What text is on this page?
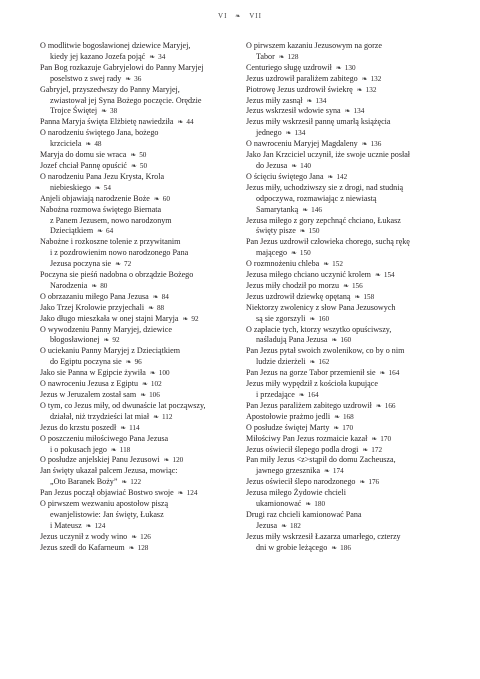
VI ❧ VII
O modlitwie bogosławionej dziewice Maryjej,
kiedy jej kazano Jozefa pojąć ❧ 34
Pan Bog rozkazuje Gabryjelowi do Panny Maryjej
poselstwo z swej rady ❧ 36
Gabryjel, przyszedwszy do Panny Maryjej,
zwiastował jej Syna Bożego poczęcie. Orędzie
Trojce Świętej ❧ 38
Panna Maryja święta Elżbietę nawiedziła ❧ 44
O narodzeniu świętego Jana, bożego
krzciciela ❧ 48
Maryja do domu sie wraca ❧ 50
Jozef chciał Pannę opuścić ❧ 50
O narodzeniu Pana Jezu Krysta, Krola
niebieskiego ❧ 54
Anjeli objawiają narodzenie Boże ❧ 60
Nabożna rozmowa świętego Biernata
z Panem Jezusem, nowo narodzonym
Dzieciątkiem ❧ 64
Nabożne i rozkoszne tolenie z przywitanim
i z pozdrowienim nowo narodzonego Pana
Jezusa poczyna sie ❧ 72
Poczyna sie pieśń nadobna o obrządzie Bożego
Narodzenia ❧ 80
O obrzazaniu miłego Pana Jezusa ❧ 84
Jako Trzej Krolowie przyjechali ❧ 88
Jako długo mieszkała w onej stajni Maryja ❧ 92
O wywodzeniu Panny Maryjej, dziewice
błogosławionej ❧ 92
O uciekaniu Panny Maryjej z Dzieciątkiem
do Egiptu poczyna sie ❧ 96
Jako sie Panna w Egipcie żywiła ❧ 100
O nawroceniu Jezusa z Egiptu ❧ 102
Jezus w Jeruzalem został sam ❧ 106
O tym, co Jezus miły, od dwunaście lat począwszy,
działał, niż trzydzieści lat miał ❧ 112
Jezus do krzstu poszedł ❧ 114
O poszczeniu miłościwego Pana Jezusa
i o pokusach jego ❧ 118
O posłudze anjelskiej Panu Jezusowi ❧ 120
Jan święty ukazał palcem Jezusa, mowiąc:
„Oto Baranek Boży” ❧ 122
Pan Jezus począł objawiać Bostwo swoje ❧ 124
O pirwszem wezwaniu apostołow piszą
ewanjelistowie: Jan święty, Łukasz
i Mateusz ❧ 124
Jezus uczynił z wody wino ❧ 126
Jezus szedł do Kafarneum ❧ 128
O pirwszem kazaniu Jezusowym na gorze
Tabor ❧ 128
Centuriego sługę uzdrowił ❧ 130
Jezus uzdrowił paraliżem zabitego ❧ 132
Piotrowę Jezus uzdrowił świekrę ❧ 132
Jezus miły zasnął ❧ 134
Jezus wskrzesił wdowie syna ❧ 134
Jezus miły wskrzesił pannę umarłą książęcia
jednego ❧ 134
O nawroceniu Maryjej Magdaleny ❧ 136
Jako Jan Krzciciel uczynił, iże swoje ucznie posłał
do Jezusa ❧ 140
O ścięciu świętego Jana ❧ 142
Jezus miły, uchodziwszy sie z drogi, nad studnią
odpoczywa, rozmawiając z niewiastą
Samarytanką ❧ 146
Jezusa miłego z gory zepchnąć chciano, Łukasz
święty pisze ❧ 150
Pan Jezus uzdrowił człowieka chorego, suchą rękę
mającego ❧ 150
O rozmnożeniu chleba ❧ 152
Jezusa miłego chciano uczynić krolem ❧ 154
Jezus miły chodził po morzu ❧ 156
Jezus uzdrowił dziewkę opętaną ❧ 158
Niektorzy zwolenicy z słow Pana Jezusowych
są sie zgorszyli ❧ 160
O zapłacie tych, ktorzy wszytko opuściwszy,
naśladują Pana Jezusa ❧ 160
Pan Jezus pytał swoich zwolenikow, co by o nim
ludzie dzierżeli ❧ 162
Pan Jezus na gorze Tabor przemienił sie ❧ 164
Jezus miły wypędził z kościoła kupujące
i przedające ❧ 164
Pan Jezus paraliżem zabitego uzdrowił ❧ 166
Apostołowie prażmo jedli ❧ 168
O posłudze świętej Marty ❧ 170
Miłościwy Pan Jezus rozmaicie kazał ❧ 170
Jezus oświecił ślepego podla drogi ❧ 172
Pan miły Jezus <z>stąpił do domu Zacheusza,
jawnego grzesznika ❧ 174
Jezus oświecił ślepo narodzonego ❧ 176
Jezusa miłego Żydowie chcieli
ukamionować ❧ 180
Drugi raz chcieli kamionować Pana
Jezusa ❧ 182
Jezus miły wskrzesił Łazarza umarłego, czterzy
dni w grobie leżącego ❧ 186
